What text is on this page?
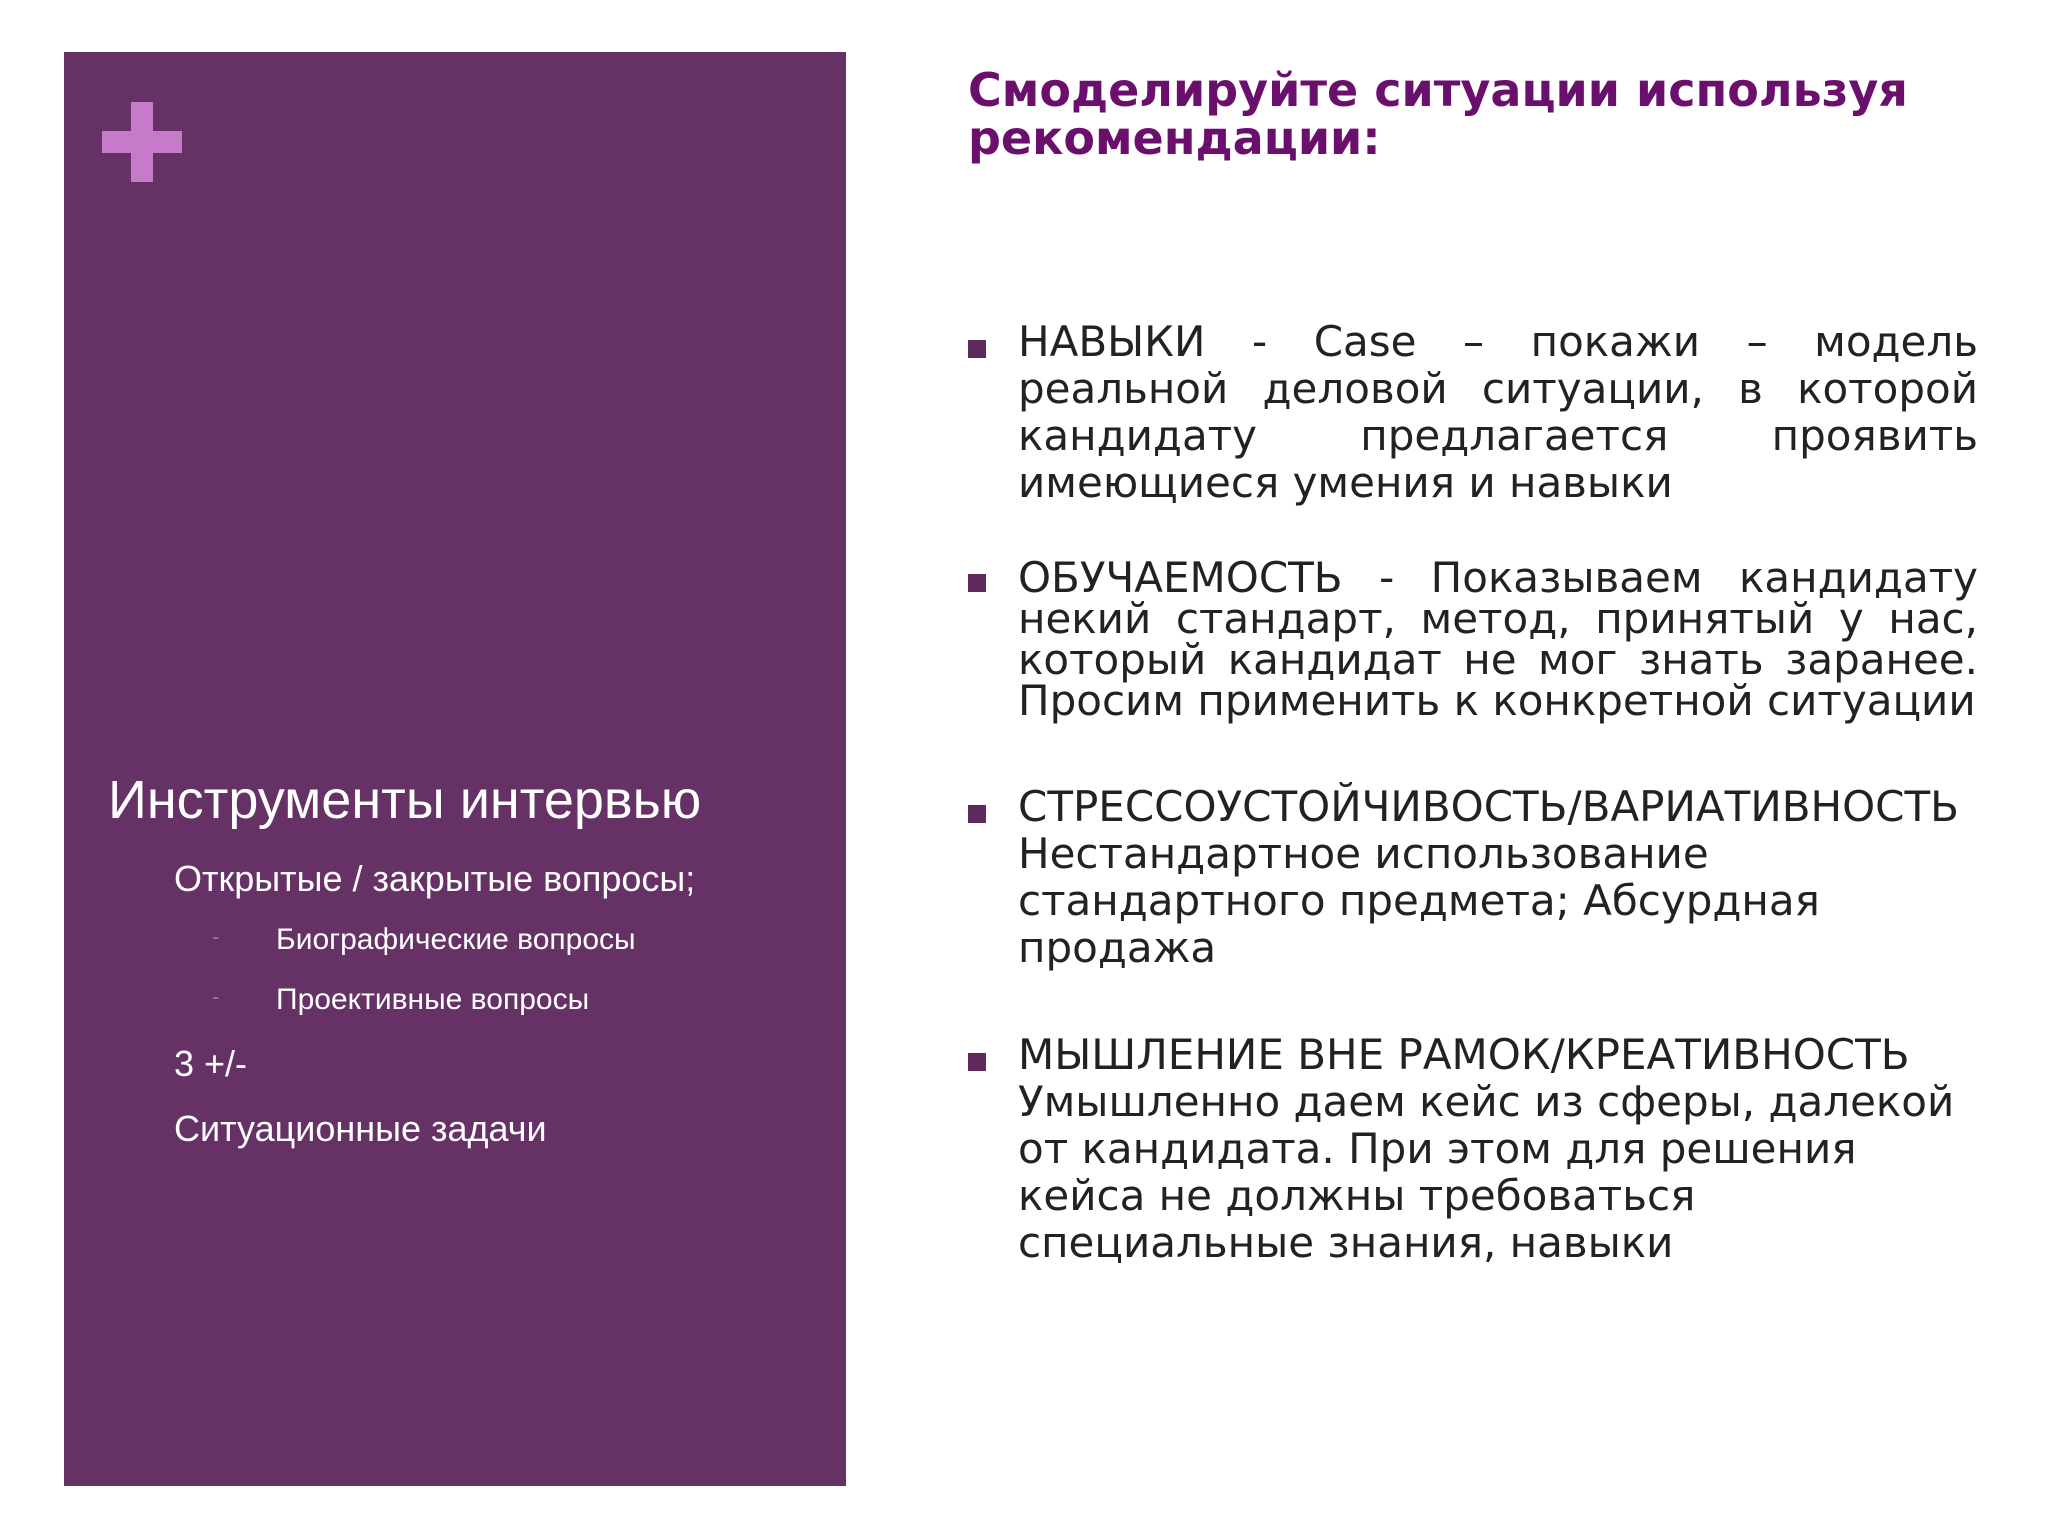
Инструменты интервью
Открытые / закрытые вопросы;
- Биографические вопросы
- Проективные вопросы
3 +/-
Ситуационные задачи
Смоделируйте ситуации используя рекомендации:
НАВЫКИ - Case – покажи – модель реальной деловой ситуации, в которой кандидату предлагается проявить имеющиеся умения и навыки
ОБУЧАЕМОСТЬ - Показываем кандидату некий стандарт, метод, принятый у нас, который кандидат не мог знать заранее. Просим применить к конкретной ситуации
СТРЕССОУСТОЙЧИВОСТЬ/ВАРИАТИВНОСТЬ Нестандартное использование стандартного предмета; Абсурдная продажа
МЫШЛЕНИЕ ВНЕ РАМОК/КРЕАТИВНОСТЬ Умышленно даем кейс из сферы, далекой от кандидата. При этом для решения кейса не должны требоваться специальные знания, навыки
